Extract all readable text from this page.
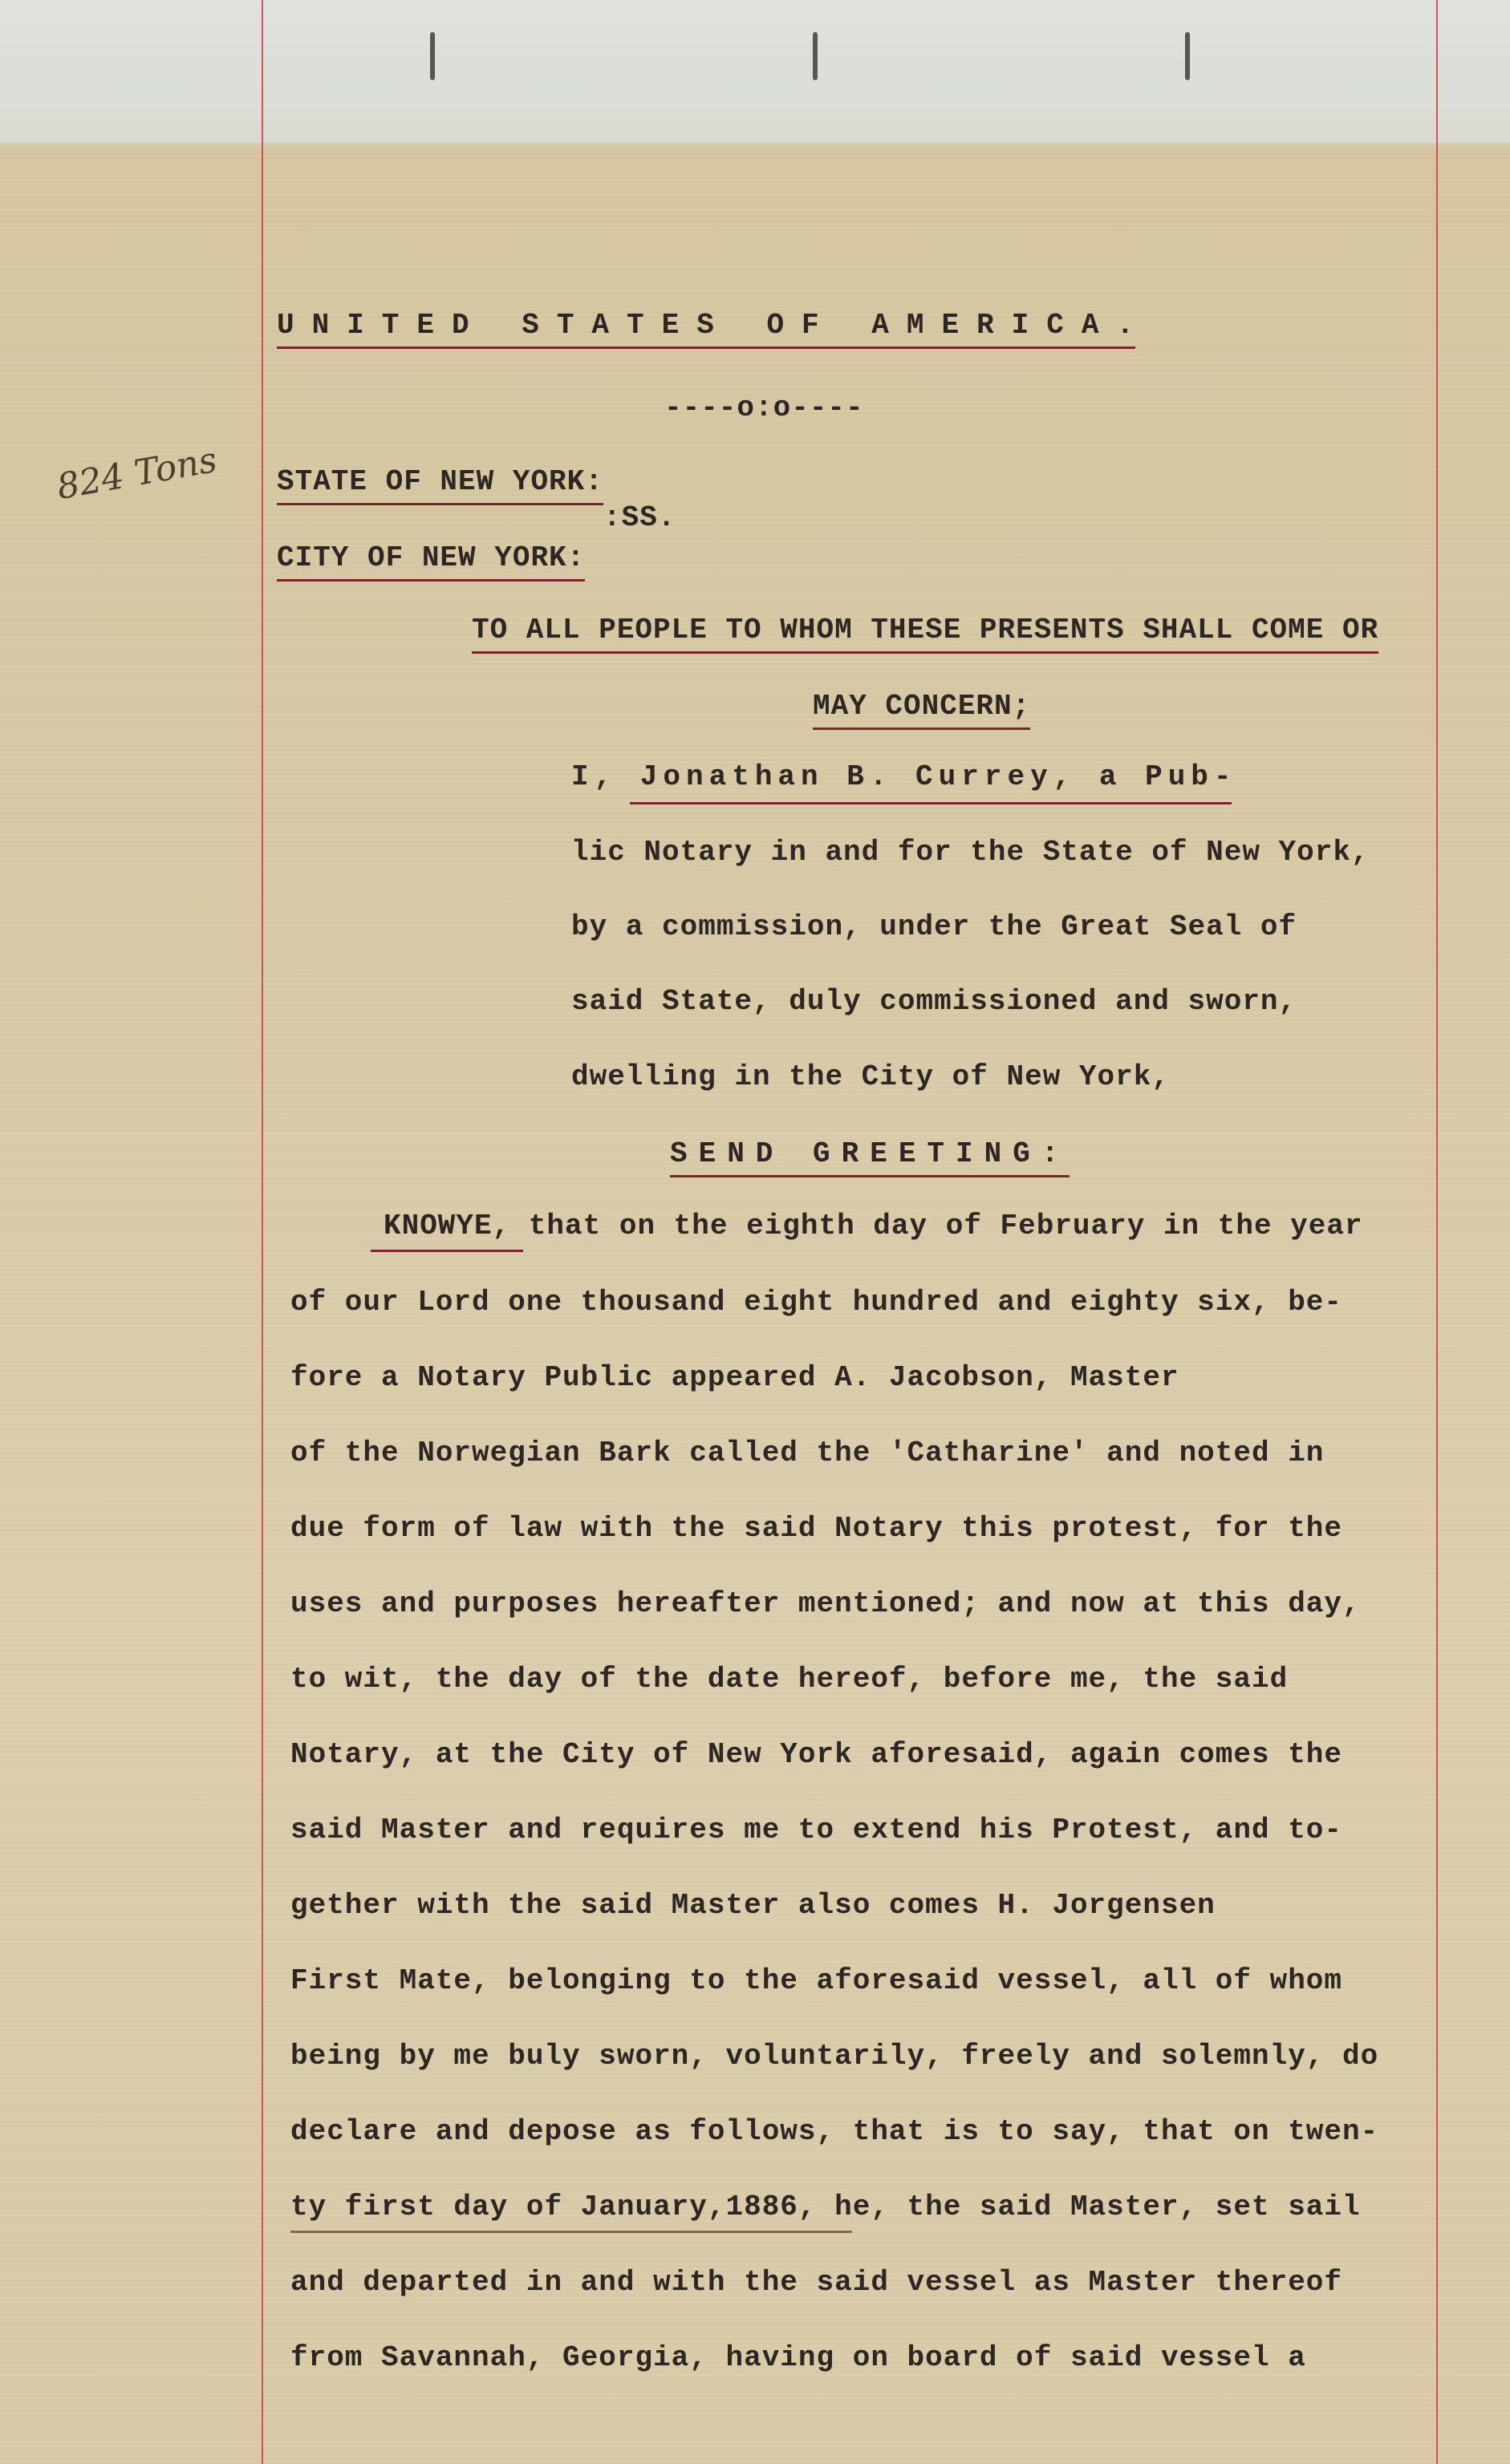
824 Tons
UNITED STATES OF AMERICA.
----o:o----
STATE OF NEW YORK:
:SS.
CITY OF NEW YORK:
TO ALL PEOPLE TO WHOM THESE PRESENTS SHALL COME OR
MAY CONCERN;
I, Jonathan B. Currey, a Pub-
lic Notary in and for the State of New York,
by a commission, under the Great Seal of
said State, duly commissioned and sworn,
dwelling in the City of New York,
SEND GREETING:
KNOWYE, that on the eighth day of February in the year
of our Lord one thousand eight hundred and eighty six, be-
fore a Notary Public appeared A. Jacobson, Master
of the Norwegian Bark called the 'Catharine' and noted in
due form of law with the said Notary this protest, for the
uses and purposes hereafter mentioned; and now at this day,
to wit, the day of the date hereof, before me, the said
Notary, at the City of New York aforesaid, again comes the
said Master and requires me to extend his Protest, and to-
gether with the said Master also comes H. Jorgensen
First Mate, belonging to the aforesaid vessel, all of whom
being by me buly sworn, voluntarily, freely and solemnly, do
declare and depose as follows, that is to say, that on twen-
ty first day of January,1886, he, the said Master, set sail
and departed in and with the said vessel as Master thereof
from Savannah, Georgia, having on board of said vessel a
